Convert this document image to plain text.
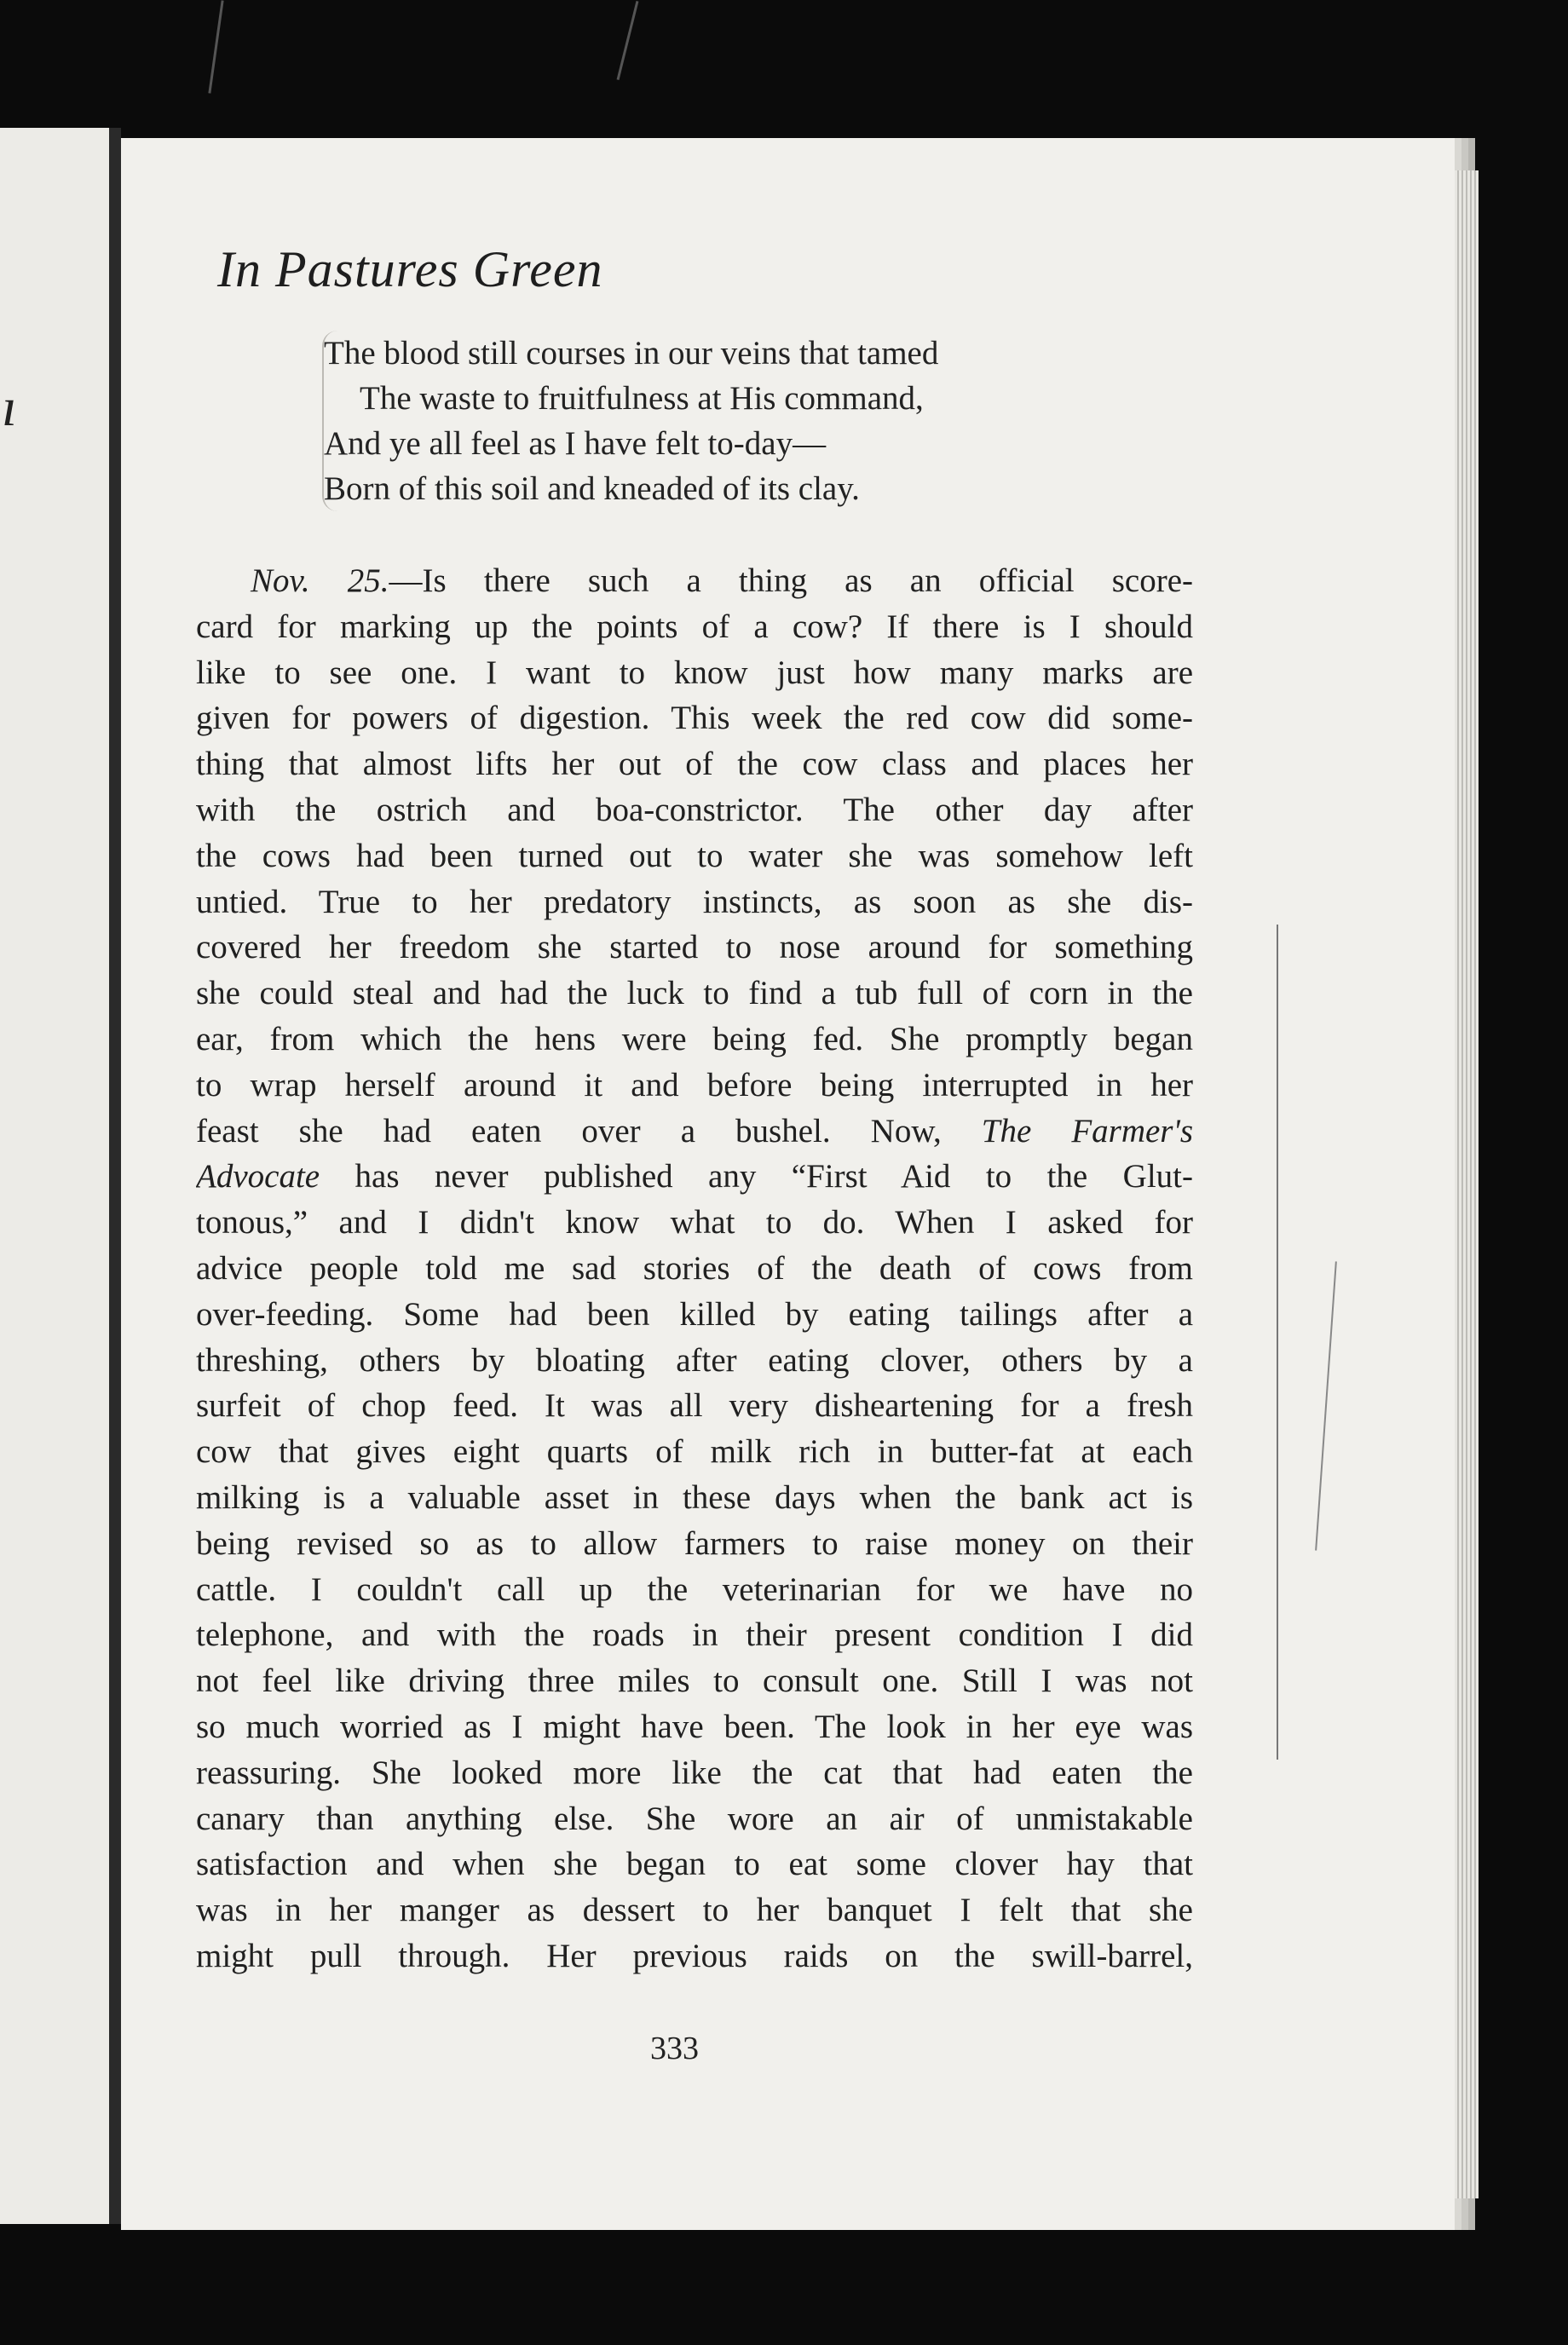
ı
In Pastures Green
The blood still courses in our veins that tamed
The waste to fruitfulness at His command,
And ye all feel as I have felt to-day—
Born of this soil and kneaded of its clay.
Nov. 25.—Is there such a thing as an official score-
card for marking up the points of a cow? If there is I should
like to see one. I want to know just how many marks are
given for powers of digestion. This week the red cow did some-
thing that almost lifts her out of the cow class and places her
with the ostrich and boa-constrictor. The other day after
the cows had been turned out to water she was somehow left
untied. True to her predatory instincts, as soon as she dis-
covered her freedom she started to nose around for something
she could steal and had the luck to find a tub full of corn in the
ear, from which the hens were being fed. She promptly began
to wrap herself around it and before being interrupted in her
feast she had eaten over a bushel. Now, The Farmer's
Advocate has never published any “First Aid to the Glut-
tonous,” and I didn't know what to do. When I asked for
advice people told me sad stories of the death of cows from
over-feeding. Some had been killed by eating tailings after a
threshing, others by bloating after eating clover, others by a
surfeit of chop feed. It was all very disheartening for a fresh
cow that gives eight quarts of milk rich in butter-fat at each
milking is a valuable asset in these days when the bank act is
being revised so as to allow farmers to raise money on their
cattle. I couldn't call up the veterinarian for we have no
telephone, and with the roads in their present condition I did
not feel like driving three miles to consult one. Still I was not
so much worried as I might have been. The look in her eye was
reassuring. She looked more like the cat that had eaten the
canary than anything else. She wore an air of unmistakable
satisfaction and when she began to eat some clover hay that
was in her manger as dessert to her banquet I felt that she
might pull through. Her previous raids on the swill-barrel,
333
